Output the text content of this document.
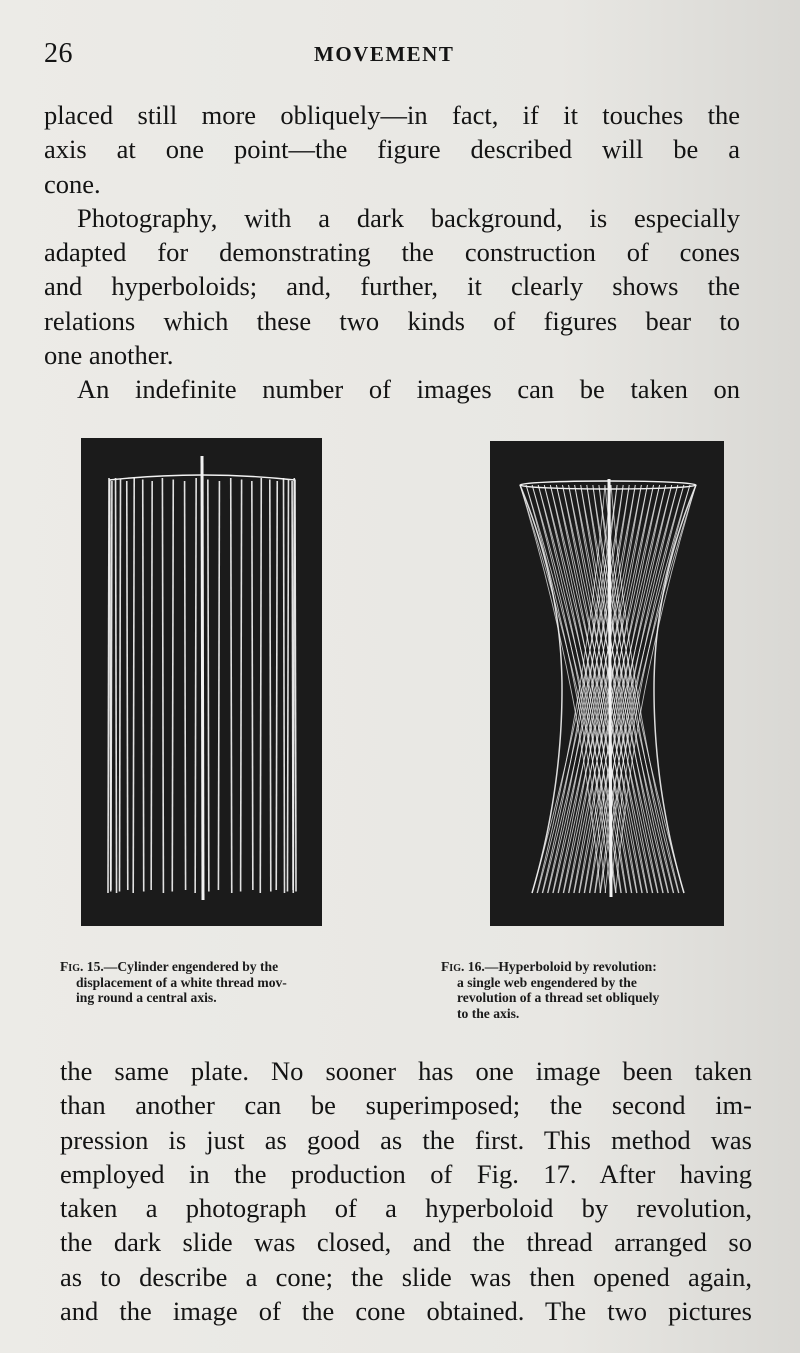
26	MOVEMENT

placed still more obliquely—in fact, if it touches the
axis at one point—the figure described will be a
cone.

Photography, with a dark background, is especially
adapted for demonstrating the construction of cones
and hyperboloids; and, further, it clearly shows the
relations which these two kinds of figures bear to
one another.

An indefinite number of images can be taken on

Fig. 15.—Cylinder engendered by the
displacement of a white thread mov-
ing round a central axis.
Fig. 16.—Hyperboloid by revolution:
a single web engendered by the
revolution of a thread set obliquely
to the axis.

the same plate. No sooner has one image been taken
than another can be superimposed; the second im-
pression is just as good as the first. This method was
employed in the production of Fig. 17. After having
taken a photograph of a hyperboloid by revolution,
the dark slide was closed, and the thread arranged so
as to describe a cone; the slide was then opened again,
and the image of the cone obtained. The two pictures
